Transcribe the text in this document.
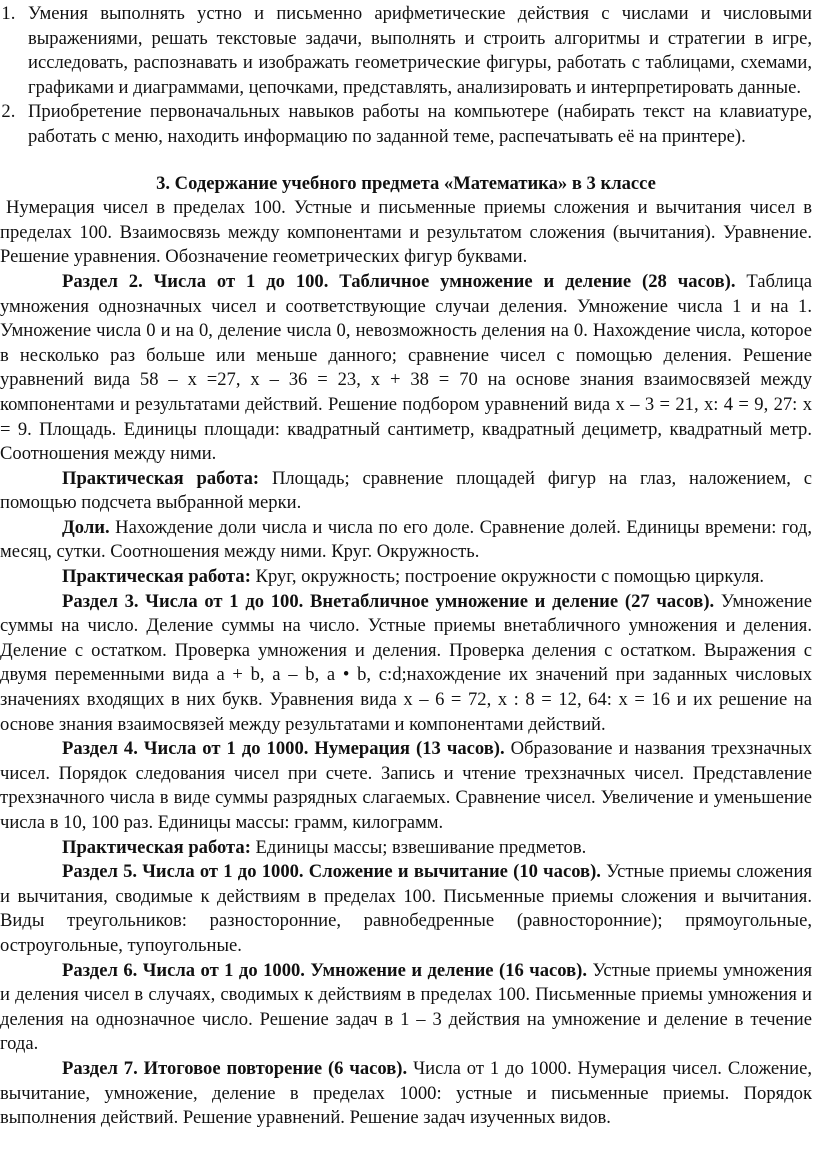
1. Умения выполнять устно и письменно арифметические действия с числами и числовыми выражениями, решать текстовые задачи, выполнять и строить алгоритмы и стратегии в игре, исследовать, распознавать и изображать геометрические фигуры, работать с таблицами, схемами, графиками и диаграммами, цепочками, представлять, анализировать и интерпретировать данные.
2. Приобретение первоначальных навыков работы на компьютере (набирать текст на клавиатуре, работать с меню, находить информацию по заданной теме, распечатывать её на принтере).
3. Содержание учебного предмета «Математика» в 3 классе

Нумерация чисел в пределах 100. Устные и письменные приемы сложения и вычитания чисел в пределах 100. Взаимосвязь между компонентами и результатом сложения (вычитания). Уравнение. Решение уравнения. Обозначение геометрических фигур буквами.

Раздел 2. Числа от 1 до 100. Табличное умножение и деление (28 часов). Таблица умножения однозначных чисел и соответствующие случаи деления. Умножение числа 1 и на 1. Умножение числа 0 и на 0, деление числа 0, невозможность деления на 0. Нахождение числа, которое в несколько раз больше или меньше данного; сравнение чисел с помощью деления. Решение уравнений вида 58 – х =27, х – 36 = 23, х + 38 = 70 на основе знания взаимосвязей между компонентами и результатами действий. Решение подбором уравнений вида х – 3 = 21, х: 4 = 9, 27: х = 9. Площадь. Единицы площади: квадратный сантиметр, квадратный дециметр, квадратный метр. Соотношения между ними.

Практическая работа: Площадь; сравнение площадей фигур на глаз, наложением, с помощью подсчета выбранной мерки.

Доли. Нахождение доли числа и числа по его доле. Сравнение долей. Единицы времени: год, месяц, сутки. Соотношения между ними. Круг. Окружность.

Практическая работа: Круг, окружность; построение окружности с помощью циркуля.

Раздел 3. Числа от 1 до 100. Внетабличное умножение и деление (27 часов). Умножение суммы на число. Деление суммы на число. Устные приемы внетабличного умножения и деления. Деление с остатком. Проверка умножения и деления. Проверка деления с остатком. Выражения с двумя переменными вида а + b, а – b, а • b, с:d;нахождение их значений при заданных числовых значениях входящих в них букв. Уравнения вида х – 6 = 72, х : 8 = 12, 64: х = 16 и их решение на основе знания взаимосвязей между результатами и компонентами действий.

Раздел 4. Числа от 1 до 1000. Нумерация (13 часов). Образование и названия трехзначных чисел. Порядок следования чисел при счете. Запись и чтение трехзначных чисел. Представление трехзначного числа в виде суммы разрядных слагаемых. Сравнение чисел. Увеличение и уменьшение числа в 10, 100 раз. Единицы массы: грамм, килограмм.

Практическая работа: Единицы массы; взвешивание предметов.

Раздел 5. Числа от 1 до 1000. Сложение и вычитание (10 часов). Устные приемы сложения и вычитания, сводимые к действиям в пределах 100. Письменные приемы сложения и вычитания. Виды треугольников: разносторонние, равнобедренные (равносторонние); прямоугольные, остроугольные, тупоугольные.

Раздел 6. Числа от 1 до 1000. Умножение и деление (16 часов). Устные приемы умножения и деления чисел в случаях, сводимых к действиям в пределах 100. Письменные приемы умножения и деления на однозначное число. Решение задач в 1 – 3 действия на умножение и деление в течение года.

Раздел 7. Итоговое повторение (6 часов). Числа от 1 до 1000. Нумерация чисел. Сложение, вычитание, умножение, деление в пределах 1000: устные и письменные приемы. Порядок выполнения действий. Решение уравнений. Решение задач изученных видов.
